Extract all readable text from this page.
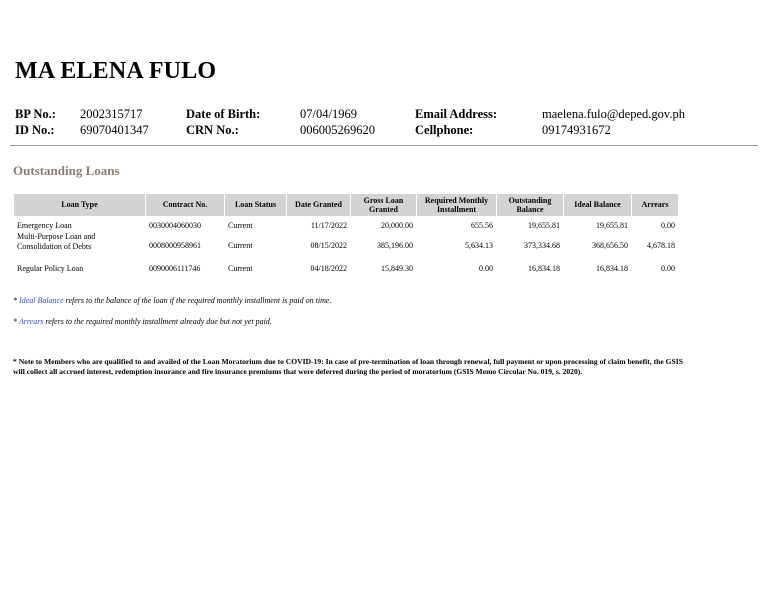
MA ELENA FULO
BP No.:	2002315717
ID No.:	69070401347
Date of Birth:	07/04/1969
CRN No.:	006005269620
Email Address:	maelena.fulo@deped.gov.ph
Cellphone:	09174931672
Outstanding Loans
Loan Type	Contract No.	Loan Status	Date Granted	Gross Loan Granted	Required Monthly Installment	Outstanding Balance	Ideal Balance	Arrears
Emergency Loan	0030004060030	Current	11/17/2022	20,000.00	655.56	19,655.81	19,655.81	0.00
Multi-Purpose Loan and Consolidation of Debts	0008000958961	Current	08/15/2022	385,196.00	5,634.13	373,334.68	368,656.50	4,678.18
Regular Policy Loan	0090006111746	Current	04/18/2022	15,849.30	0.00	16,834.18	16,834.18	0.00
* Ideal Balance refers to the balance of the loan if the required monthly installment is paid on time.
* Arrears refers to the required monthly installment already due but not yet paid.
* Note to Members who are qualified to and availed of the Loan Moratorium due to COVID-19: In case of pre-termination of loan through renewal, full payment or upon processing of claim benefit, the GSIS will collect all accrued interest, redemption insurance and fire insurance premiums that were deferred during the period of moratorium (GSIS Memo Circular No. 019, s. 2020).
